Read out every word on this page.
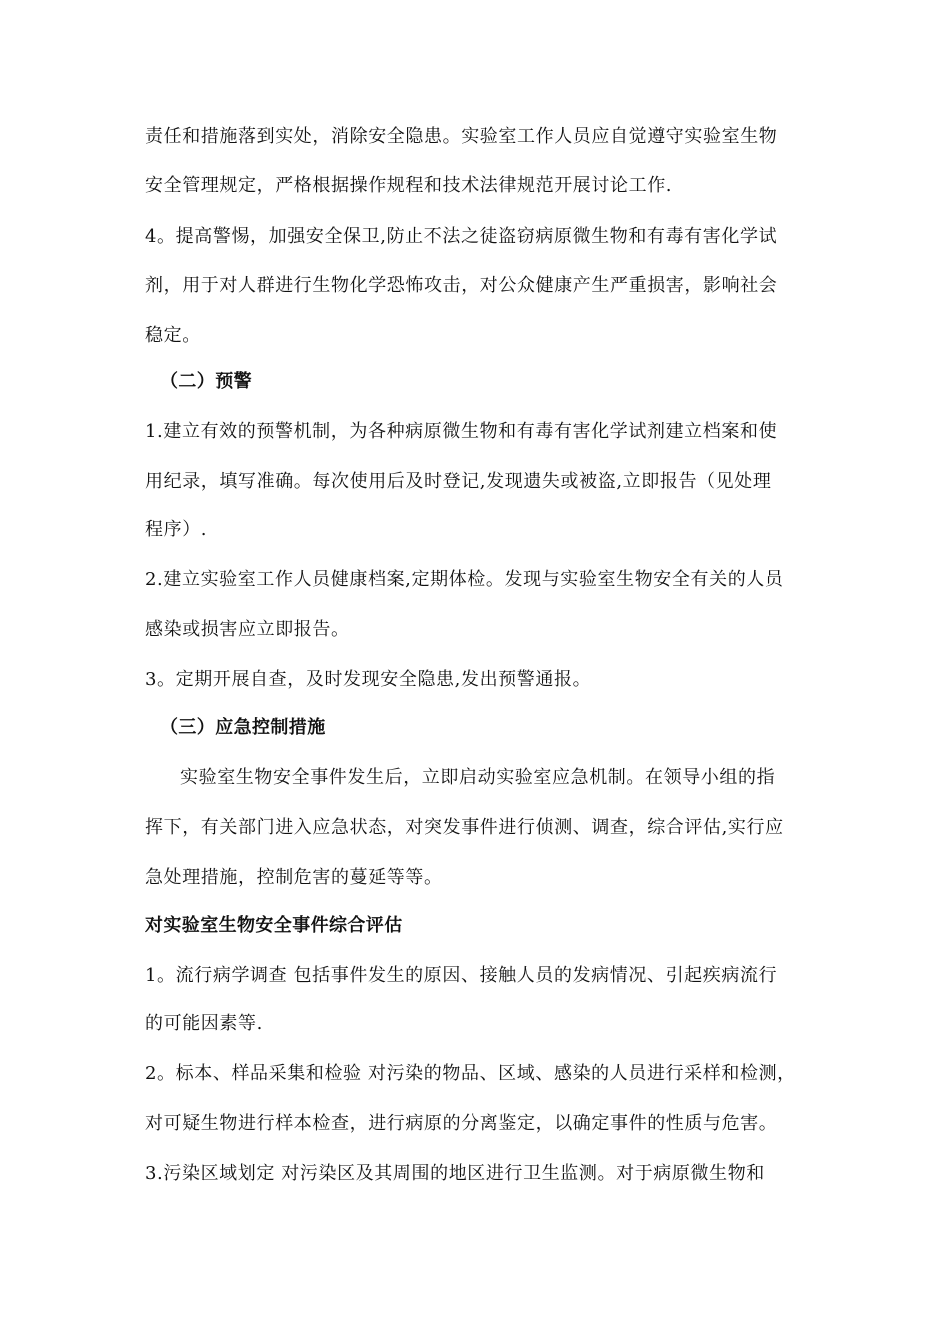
责任和措施落到实处，消除安全隐患。实验室工作人员应自觉遵守实验室生物
安全管理规定，严格根据操作规程和技术法律规范开展讨论工作.
4。提高警惕，加强安全保卫,防止不法之徒盗窃病原微生物和有毒有害化学试
剂，用于对人群进行生物化学恐怖攻击，对公众健康产生严重损害，影响社会
稳定。
（二）预警
1.建立有效的预警机制，为各种病原微生物和有毒有害化学试剂建立档案和使
用纪录，填写准确。每次使用后及时登记,发现遗失或被盗,立即报告（见处理
程序）.
2.建立实验室工作人员健康档案,定期体检。发现与实验室生物安全有关的人员
感染或损害应立即报告。
3。定期开展自查，及时发现安全隐患,发出预警通报。
（三）应急控制措施
实验室生物安全事件发生后，立即启动实验室应急机制。在领导小组的指
挥下，有关部门进入应急状态，对突发事件进行侦测、调查，综合评估,实行应
急处理措施，控制危害的蔓延等等。
对实验室生物安全事件综合评估
1。流行病学调查 包括事件发生的原因、接触人员的发病情况、引起疾病流行
的可能因素等.
2。标本、样品采集和检验 对污染的物品、区域、感染的人员进行采样和检测，
对可疑生物进行样本检查，进行病原的分离鉴定，以确定事件的性质与危害。
3.污染区域划定 对污染区及其周围的地区进行卫生监测。对于病原微生物和
